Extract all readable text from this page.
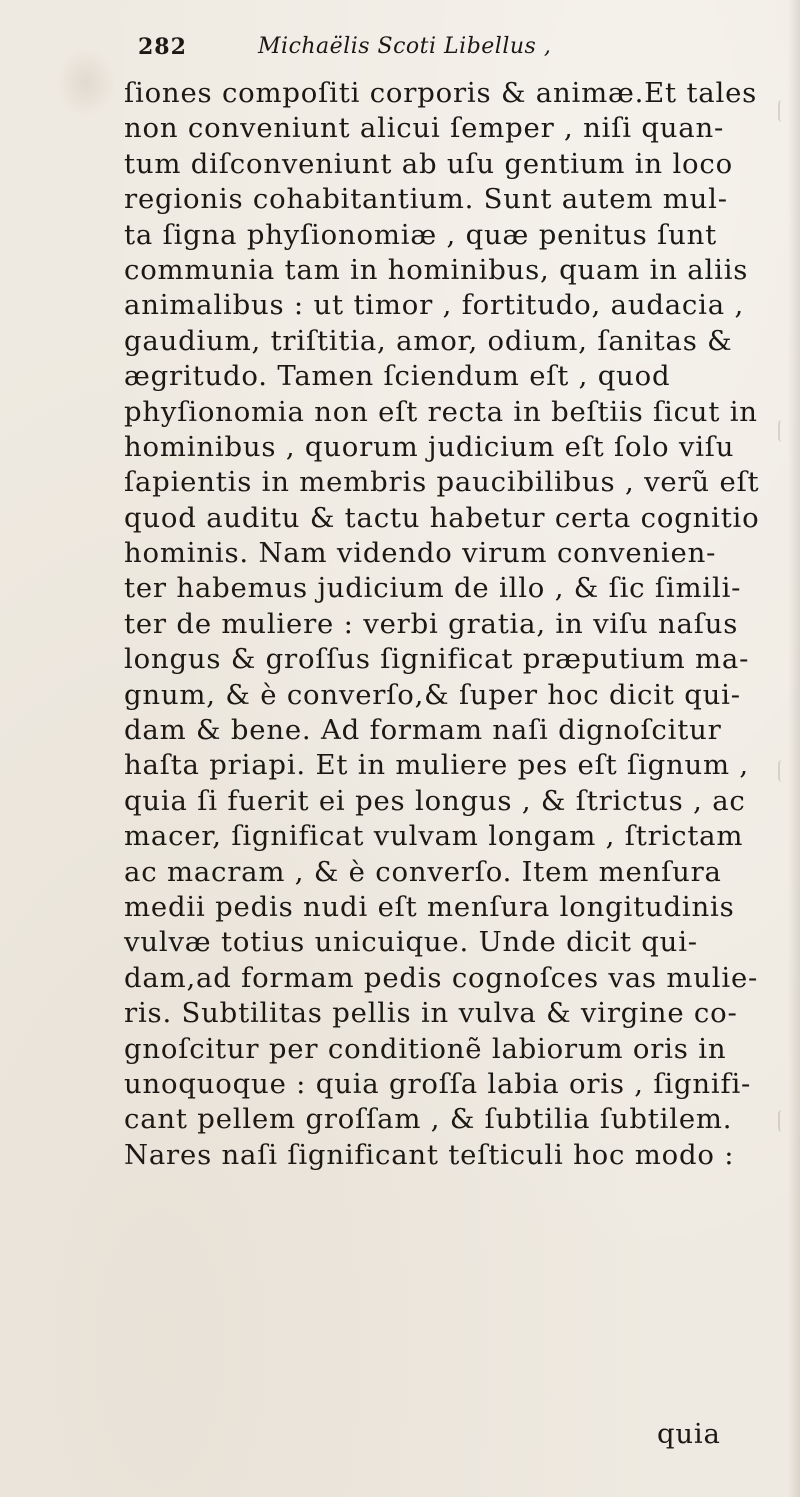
282	Michaëlis Scoti Libellus ,
ſiones compoſiti corporis & animæ.Et tales
non conveniunt alicui ſemper , niſi quan-
tum diſconveniunt ab uſu gentium in loco
regionis cohabitantium. Sunt autem mul-
ta ſigna phyſionomiæ , quæ penitus ſunt
communia tam in hominibus, quam in aliis
animalibus : ut timor , fortitudo, audacia ,
gaudium, triſtitia, amor, odium, ſanitas &
ægritudo. Tamen ſciendum eſt , quod
phyſionomia non eſt recta in beſtiis ſicut in
hominibus , quorum judicium eſt ſolo viſu
ſapientis in membris paucibilibus , verũ eſt
quod auditu & tactu habetur certa cognitio
hominis. Nam videndo virum convenien-
ter habemus judicium de illo , & ſic ſimili-
ter de muliere : verbi gratia, in viſu naſus
longus & groſſus ſignificat præputium ma-
gnum, & è converſo,& ſuper hoc dicit qui-
dam & bene. Ad formam naſi dignoſcitur
haſta priapi. Et in muliere pes eſt ſignum ,
quia ſi fuerit ei pes longus , & ſtrictus , ac
macer, ſignificat vulvam longam , ſtrictam
ac macram , & è converſo. Item menſura
medii pedis nudi eſt menſura longitudinis
vulvæ totius unicuique. Unde dicit qui-
dam,ad formam pedis cognoſces vas mulie-
ris. Subtilitas pellis in vulva & virgine co-
gnoſcitur per conditionẽ labiorum oris in
unoquoque : quia groſſa labia oris , ſignifi-
cant pellem groſſam , & ſubtilia ſubtilem.
Nares naſi ſignificant teſticuli hoc modo :
quia
